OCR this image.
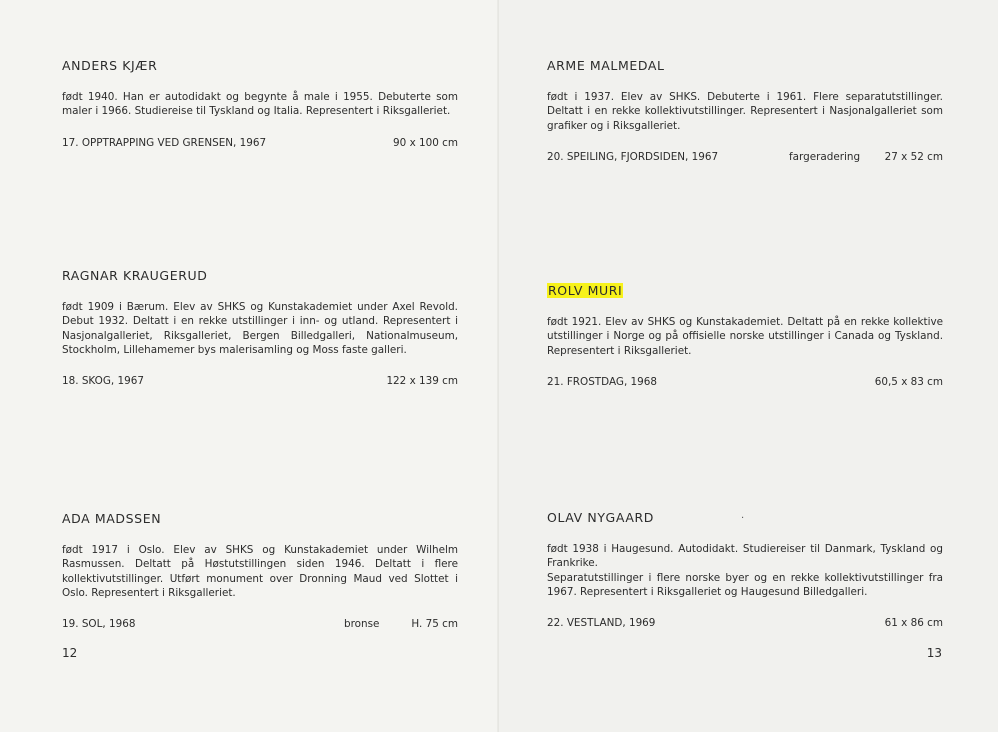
ANDERS KJÆR

født 1940. Han er autodidakt og begynte å male i 1955. Debuterte som maler i 1966. Studiereise til Tyskland og Italia. Representert i Riksgalleriet.

17. OPPTRAPPING VED GRENSEN, 1967	90 x 100 cm
RAGNAR KRAUGERUD

født 1909 i Bærum. Elev av SHKS og Kunstakademiet under Axel Revold. Debut 1932. Deltatt i en rekke utstillinger i inn- og utland. Representert i Nasjonalgalleriet, Riksgalleriet, Bergen Billedgalleri, Nationalmuseum, Stockholm, Lillehamemer bys malerisamling og Moss faste galleri.

18. SKOG, 1967	122 x 139 cm
ADA MADSSEN

født 1917 i Oslo. Elev av SHKS og Kunstakademiet under Wilhelm Rasmussen. Deltatt på Høstutstillingen siden 1946. Deltatt i flere kollektivutstillinger. Utført monument over Dronning Maud ved Slottet i Oslo. Representert i Riksgalleriet.

19. SOL, 1968	bronse	H. 75 cm
12
ARME MALMEDAL

født i 1937. Elev av SHKS. Debuterte i 1961. Flere separatutstillinger. Deltatt i en rekke kollektivutstillinger. Representert i Nasjonalgalleriet som grafiker og i Riksgalleriet.

20. SPEILING, FJORDSIDEN, 1967	fargeradering 27 x 52 cm
ROLV MURI

født 1921. Elev av SHKS og Kunstakademiet. Deltatt på en rekke kollektive utstillinger i Norge og på offisielle norske utstillinger i Canada og Tyskland. Representert i Riksgalleriet.

21. FROSTDAG, 1968	60,5 x 83 cm
OLAV NYGAARD

født 1938 i Haugesund. Autodidakt. Studiereiser til Danmark, Tyskland og Frankrike.

Separatutstillinger i flere norske byer og en rekke kollektivutstillinger fra 1967. Representert i Riksgalleriet og Haugesund Billedgalleri.

22. VESTLAND, 1969	61 x 86 cm
·
13
